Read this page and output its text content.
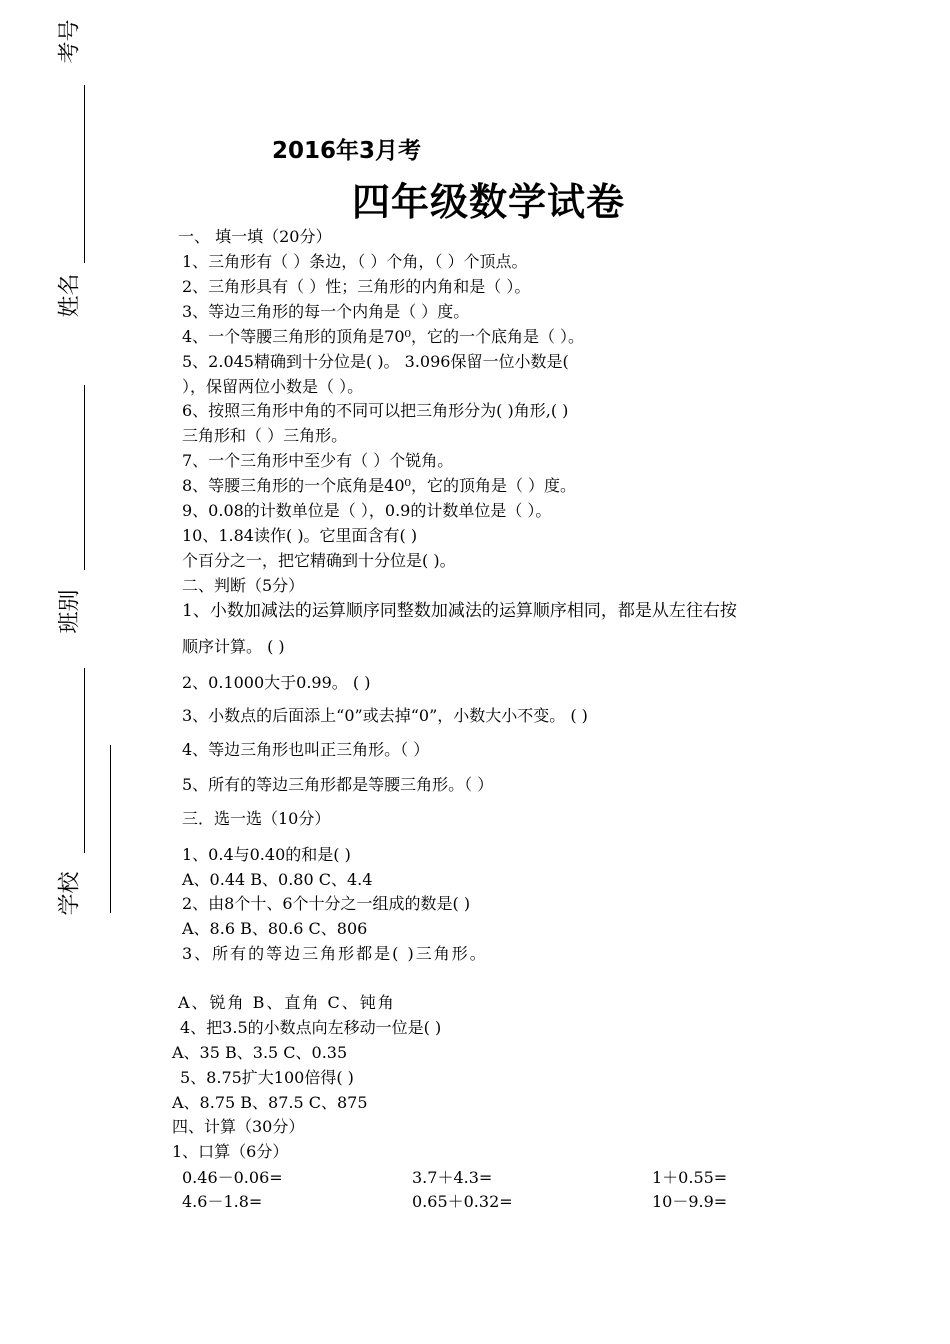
考号
姓名
班别
学校
2016年3月考
四年级数学试卷
一、 填一填（20分）
1、三角形有（ ）条边，（ ）个角，（ ）个顶点。
2、三角形具有（ ）性；三角形的内角和是（ ）。
3、等边三角形的每一个内角是（ ）度。
4、一个等腰三角形的顶角是70⁰，它的一个底角是（ ）。
5、2.045精确到十分位是( )。 3.096保留一位小数是(
），保留两位小数是（ ）。
6、按照三角形中角的不同可以把三角形分为( )角形,( )
三角形和（ ）三角形。
7、一个三角形中至少有（ ）个锐角。
8、等腰三角形的一个底角是40⁰，它的顶角是（ ）度。
9、0.08的计数单位是（ ），0.9的计数单位是（ ）。
10、1.84读作( )。它里面含有( )
个百分之一，把它精确到十分位是( )。
二、判断（5分）
1、小数加减法的运算顺序同整数加减法的运算顺序相同，都是从左往右按
顺序计算。 ( )
2、0.1000大于0.99。 ( )
3、小数点的后面添上“0”或去掉“0”，小数大小不变。 ( )
4、等边三角形也叫正三角形。（ ）
5、所有的等边三角形都是等腰三角形。（ ）
三．选一选（10分）
1、0.4与0.40的和是( )
A、0.44 B、0.80 C、4.4
2、由8个十、6个十分之一组成的数是( )
A、8.6 B、80.6 C、806
3、所有的等边三角形都是( )三角形。
A、锐角 B、直角 C、钝角
4、把3.5的小数点向左移动一位是( )
A、35 B、3.5 C、0.35
5、8.75扩大100倍得( )
A、8.75 B、87.5 C、875
四、计算（30分）
1、口算（6分）
0.46－0.06=	3.7＋4.3=	1＋0.55=
4.6－1.8=	0.65＋0.32=	10－9.9=
